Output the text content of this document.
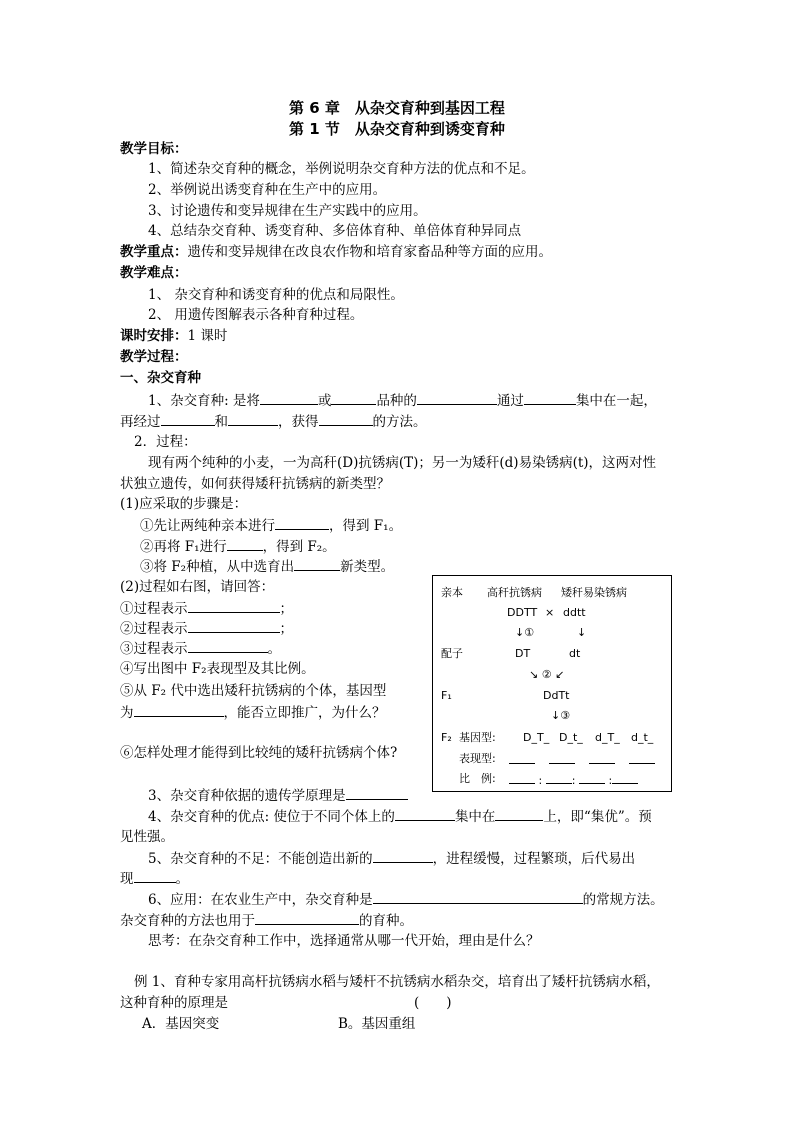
第 6 章　从杂交育种到基因工程
第 1 节　从杂交育种到诱变育种
教学目标：
1、简述杂交育种的概念，举例说明杂交育种方法的优点和不足。
2、举例说出诱变育种在生产中的应用。
3、讨论遗传和变异规律在生产实践中的应用。
4、总结杂交育种、诱变育种、多倍体育种、单倍体育种异同点
教学重点：遗传和变异规律在改良农作物和培育家畜品种等方面的应用。
教学难点：
1、 杂交育种和诱变育种的优点和局限性。
2、 用遗传图解表示各种育种过程。
课时安排：1 课时
教学过程：
一、杂交育种
1、杂交育种: 是将	或	品种的	通过	集中在一起，
再经过	和	，获得	的方法。
2．过程：
现有两个纯种的小麦，一为高秆(D)抗锈病(T)；另一为矮秆(d)易染锈病(t)，这两对性
状独立遗传，如何获得矮秆抗锈病的新类型？
(1)应采取的步骤是：
①先让两纯种亲本进行	，得到 F₁。
②再将 F₁进行	，得到 F₂。
③将 F₂种植，从中选育出	新类型。
(2)过程如右图，请回答：
①过程表示	；
②过程表示	；
③过程表示	。
④写出图中 F₂表现型及其比例。
⑤从 F₂ 代中选出矮秆抗锈病的个体，基因型
为	，能否立即推广，为什么？
⑥怎样处理才能得到比较纯的矮秆抗锈病个体?
亲本 高秆抗锈病 矮秆易染锈病
DDTT × ddtt
↓①	↓
配子	DT	dt
↘ ② ↙
F₁	DdTt
↓③
F₂ 基因型: D_T_ D_t_ d_T_ d_t_
表现型:

比　例:	:	:	:
3、杂交育种依据的遗传学原理是
4、杂交育种的优点: 使位于不同个体上的	集中在	上，即“集优”。预
见性强。
5、杂交育种的不足：不能创造出新的	，进程缓慢，过程繁琐，后代易出
现	。
6、应用：在农业生产中，杂交育种是	的常规方法。
杂交育种的方法也用于	的育种。
思考：在杂交育种工作中，选择通常从哪一代开始，理由是什么？
例 1、育种专家用高杆抗锈病水稻与矮杆不抗锈病水稻杂交，培育出了矮杆抗锈病水稻，
这种育种的原理是	(　　)
A．基因突变	B。基因重组
